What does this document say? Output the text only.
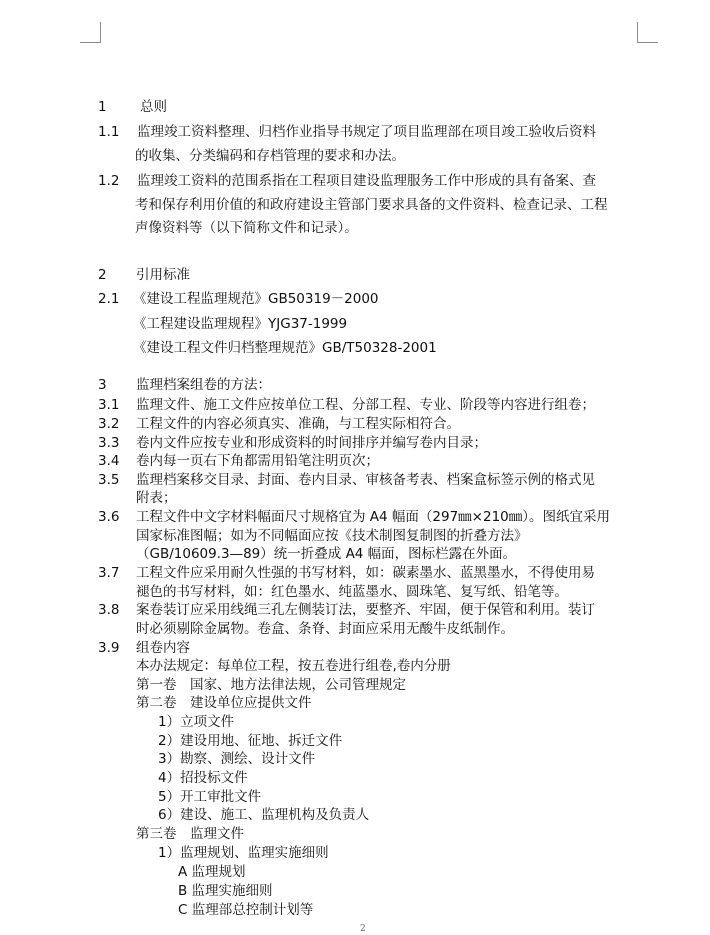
1 总则
1.1 监理竣工资料整理、归档作业指导书规定了项目监理部在项目竣工验收后资料
的收集、分类编码和存档管理的要求和办法。
1.2 监理竣工资料的范围系指在工程项目建设监理服务工作中形成的具有备案、查
考和保存利用价值的和政府建设主管部门要求具备的文件资料、检查记录、工程
声像资料等（以下简称文件和记录）。
2 引用标准
2.1 《建设工程监理规范》GB50319－2000
《工程建设监理规程》YJG37-1999
《建设工程文件归档整理规范》GB/T50328-2001
3 监理档案组卷的方法：
3.1 监理文件、施工文件应按单位工程、分部工程、专业、阶段等内容进行组卷；
3.2 工程文件的内容必须真实、准确，与工程实际相符合。
3.3 卷内文件应按专业和形成资料的时间排序并编写卷内目录；
3.4 卷内每一页右下角都需用铅笔注明页次；
3.5 监理档案移交目录、封面、卷内目录、审核备考表、档案盒标签示例的格式见
附表；
3.6 工程文件中文字材料幅面尺寸规格宜为 A4 幅面（297㎜×210㎜）。图纸宜采用
国家标准图幅；如为不同幅面应按《技术制图复制图的折叠方法》
（GB/10609.3—89）统一折叠成 A4 幅面，图标栏露在外面。
3.7 工程文件应采用耐久性强的书写材料，如：碳素墨水、蓝黑墨水，不得使用易
褪色的书写材料，如：红色墨水、纯蓝墨水、圆珠笔、复写纸、铅笔等。
3.8 案卷装订应采用线绳三孔左侧装订法，要整齐、牢固，便于保管和利用。装订
时必须剔除金属物。卷盒、条脊、封面应采用无酸牛皮纸制作。
3.9 组卷内容
本办法规定：每单位工程，按五卷进行组卷,卷内分册
第一卷　国家、地方法律法规，公司管理规定
第二卷　建设单位应提供文件
1）立项文件
2）建设用地、征地、拆迁文件
3）勘察、测绘、设计文件
4）招投标文件
5）开工审批文件
6）建设、施工、监理机构及负责人
第三卷　监理文件
1）监理规划、监理实施细则
A 监理规划
B 监理实施细则
C 监理部总控制计划等
2
